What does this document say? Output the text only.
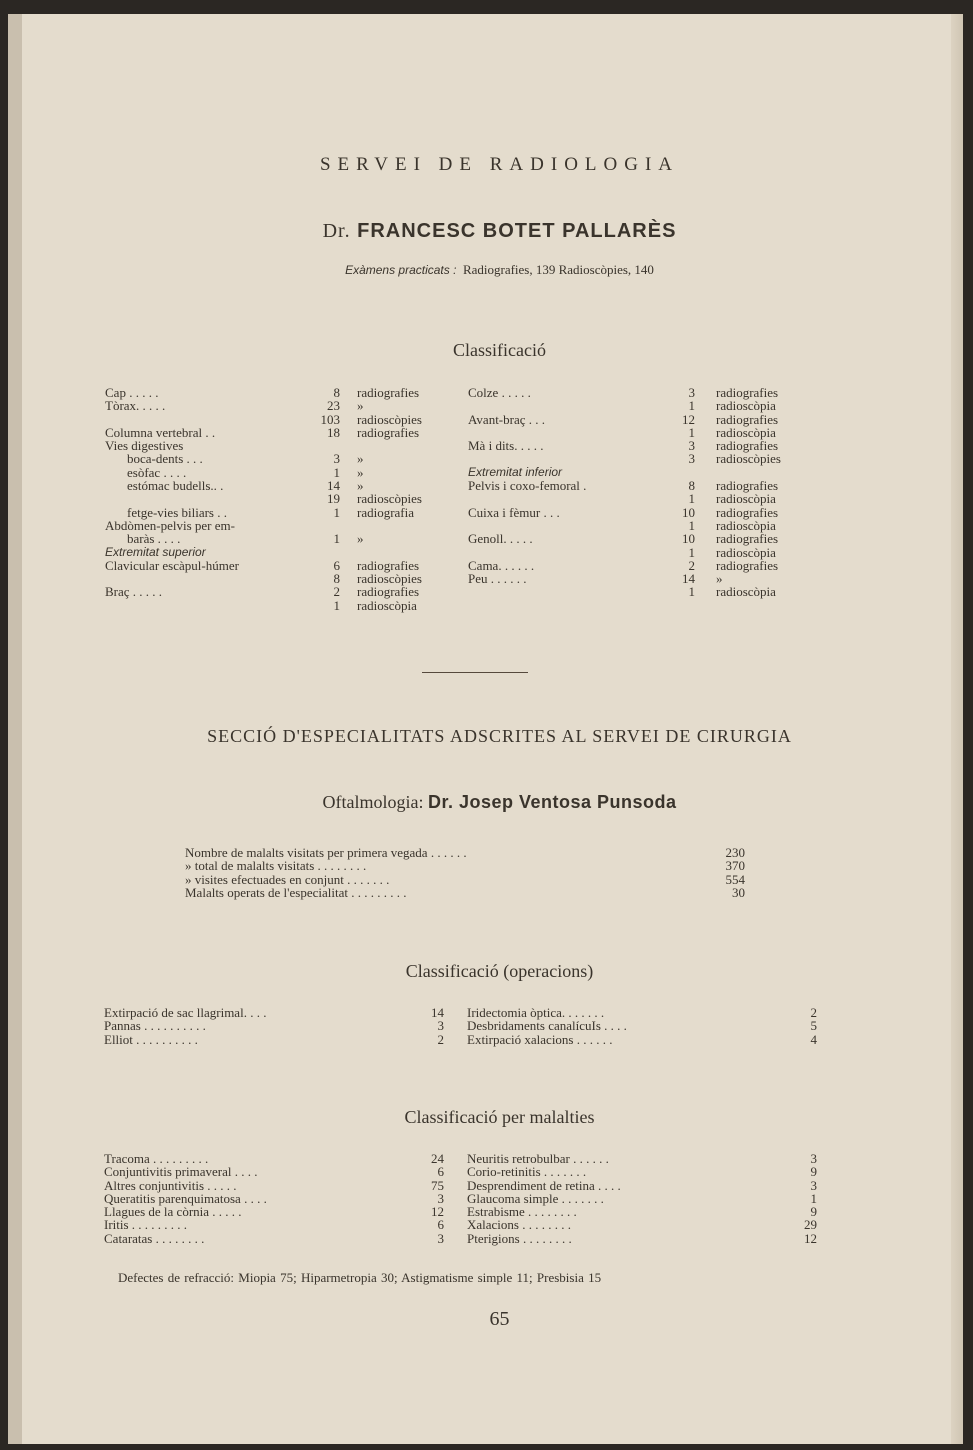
SERVEI DE RADIOLOGIA
Dr. FRANCESC BOTET PALLARÈS
Exàmens practicats : Radiografies, 139 Radioscòpies, 140
Classificació
Cap . . . . .	8 radiografies
Tòrax. . . . .	23 »
103 radioscòpies
Columna vertebral . .	18 radiografies
Vies digestives
boca-dents . . .	3 »
esòfac . . . .	1 »
estómac budells.. .	14 »
19 radioscòpies
fetge-vies biliars . .	1 radiografia
Abdòmen-pelvis per em-
baràs . . . .	1 »
Extremitat superior
Clavicular escàpul-húmer	6 radiografies
8 radioscòpies
Braç . . . . .	2 radiografies
1 radioscòpia
Colze . . . . .	3 radiografies
1 radioscòpia
Avant-braç . . .	12 radiografies
1 radioscòpia
Mà i dits. . . . .	3 radiografies
3 radioscòpies
Extremitat inferior
Pelvis i coxo-femoral .	8 radiografies
1 radioscòpia
Cuixa i fèmur . . .	10 radiografies
1 radioscòpia
Genoll. . . . .	10 radiografies
1 radioscòpia
Cama. . . . . .	2 radiografies
Peu . . . . . .	14 »
1 radioscòpia
SECCIÓ D'ESPECIALITATS ADSCRITES AL SERVEI DE CIRURGIA
Oftalmologia: Dr. Josep Ventosa Punsoda
Nombre de malalts visitats per primera vegada . . . . . .	230
» total de malalts visitats . . . . . . . .	370
» visites efectuades en conjunt . . . . . . .	554
Malalts operats de l'especialitat . . . . . . . . .	30
Classificació (operacions)
Extirpació de sac llagrimal. . . .	14
Pannas . . . . . . . . . .	3
Elliot . . . . . . . . . .	2
Iridectomia òptica. . . . . . .	2
Desbridaments canalícuIs . . . .	5
Extirpació xalacions . . . . . .	4
Classificació per malalties
Tracoma . . . . . . . . .	24
Conjuntivitis primaveral . . . .	6
Altres conjuntivitis . . . . .	75
Queratitis parenquimatosa . . . .	3
Llagues de la còrnia . . . . .	12
Iritis . . . . . . . . .	6
Cataratas . . . . . . . .	3
Neuritis retrobulbar . . . . . .	3
Corio-retinitis . . . . . . .	9
Desprendiment de retina . . . .	3
Glaucoma simple . . . . . . .	1
Estrabisme . . . . . . . .	9
Xalacions . . . . . . . .	29
Pterigions . . . . . . . .	12
Defectes de refracció: Miopia 75; Hiparmetropia 30; Astigmatisme simple 11; Presbisia 15
65
